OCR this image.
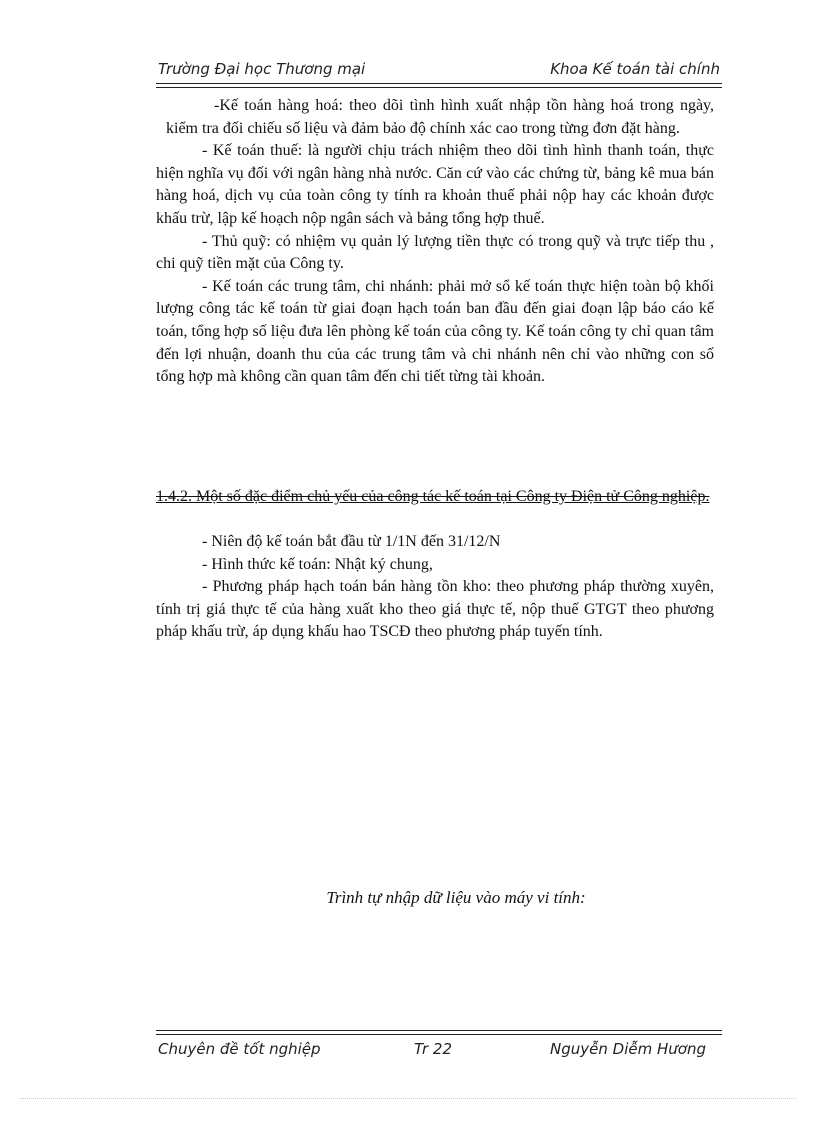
Trường Đại học Thương mại	Khoa Kế toán tài chính

-Kế toán hàng hoá: theo dõi tình hình xuất nhập tồn hàng hoá trong ngày, kiểm tra đối chiếu số liệu và đảm bảo độ chính xác cao trong từng đơn đặt hàng.

- Kế toán thuế: là người chịu trách nhiệm theo dõi tình hình thanh toán, thực hiện nghĩa vụ đối với ngân hàng nhà nước. Căn cứ vào các chứng từ, bảng kê mua bán hàng hoá, dịch vụ của toàn công ty tính ra khoản thuế phải nộp hay các khoản được khấu trừ, lập kế hoạch nộp ngân sách và bảng tổng hợp thuế.

- Thủ quỹ: có nhiệm vụ quản lý lượng tiền thực có trong quỹ và trực tiếp thu , chi quỹ tiền mặt của Công ty.

- Kế toán các trung tâm, chi nhánh: phải mở sổ kế toán thực hiện toàn bộ khối lượng công tác kế toán từ giai đoạn hạch toán ban đầu đến giai đoạn lập báo cáo kế toán, tổng hợp số liệu đưa lên phòng kế toán của công ty. Kế toán công ty chỉ quan tâm đến lợi nhuận, doanh thu của các trung tâm và chi nhánh nên chỉ vào những con số tổng hợp mà không cần quan tâm đến chi tiết từng tài khoản.

1.4.2. Một số đặc điểm chủ yếu của công tác kế toán tại Công ty Điện tử Công nghiệp.

- Niên độ kế toán bắt đầu từ 1/1N đến 31/12/N

- Hình thức kế toán: Nhật ký chung,

- Phương pháp hạch toán bán hàng tồn kho: theo phương pháp thường xuyên, tính trị giá thực tế của hàng xuất kho theo giá thực tế, nộp thuế GTGT theo phương pháp khấu trừ, áp dụng khấu hao TSCĐ theo phương pháp tuyến tính.

Trình tự nhập dữ liệu vào máy vi tính:
Chuyên đề tốt nghiệp	Tr 22	Nguyễn Diễm Hương
